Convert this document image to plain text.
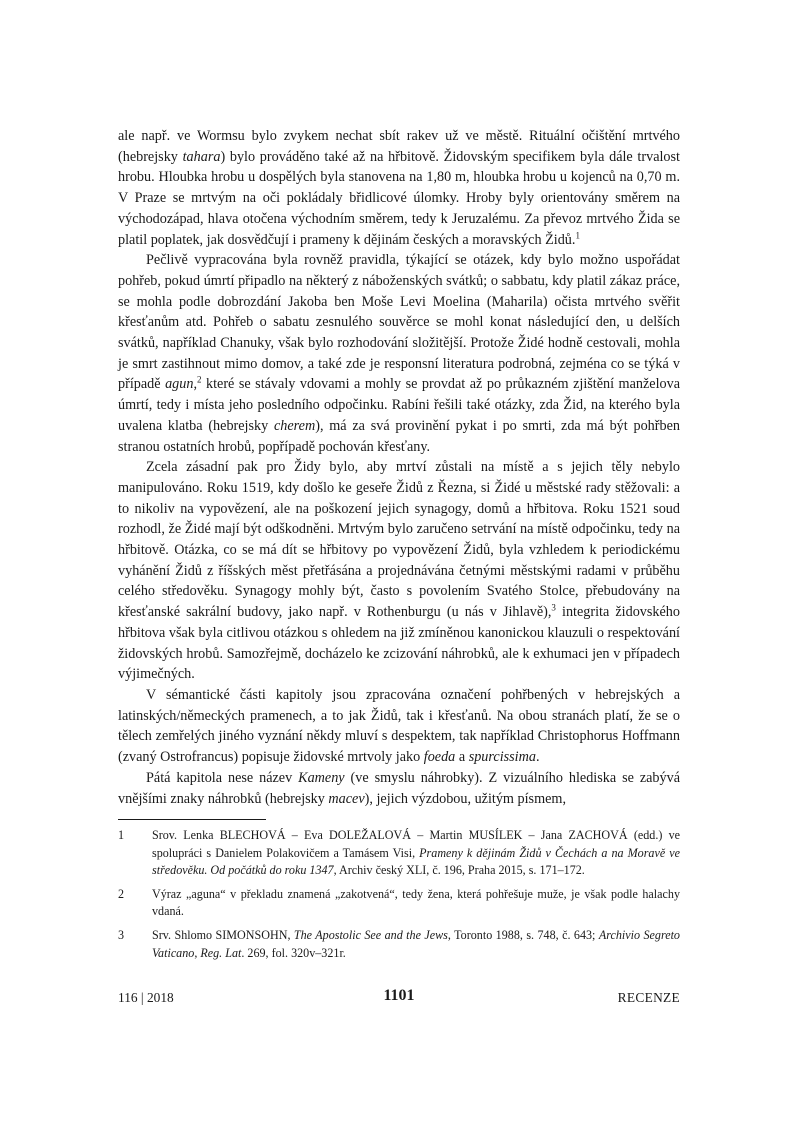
ale např. ve Wormsu bylo zvykem nechat sbít rakev už ve městě. Rituální očištění mrtvého (hebrejsky tahara) bylo prováděno také až na hřbitově. Židovským specifikem byla dále trvalost hrobu. Hloubka hrobu u dospělých byla stanovena na 1,80 m, hloubka hrobu u kojenců na 0,70 m. V Praze se mrtvým na oči pokládaly břidlicové úlomky. Hroby byly orientovány směrem na východozápad, hlava otočena východním směrem, tedy k Jeruzalému. Za převoz mrtvého Žida se platil poplatek, jak dosvědčují i prameny k dějinám českých a moravských Židů.$^1$

Pečlivě vypracována byla rovněž pravidla, týkající se otázek, kdy bylo možno uspořádat pohřeb, pokud úmrtí připadlo na některý z náboženských svátků; o sabbatu, kdy platil zákaz práce, se mohla podle dobrozdání Jakoba ben Moše Levi Moelina (Maharila) očista mrtvého svěřit křesťanům atd. Pohřeb o sabatu zesnulého souvěrce se mohl konat následující den, u delších svátků, například Chanuky, však bylo rozhodování složitější. Protože Židé hodně cestovali, mohla je smrt zastihnout mimo domov, a také zde je responsní literatura podrobná, zejména co se týká v případě agun,$^2$ které se stávaly vdovami a mohly se provdat až po průkazném zjištění manželova úmrtí, tedy i místa jeho posledního odpočinku. Rabíni řešili také otázky, zda Žid, na kterého byla uvalena klatba (hebrejsky cherem), má za svá provinění pykat i po smrti, zda má být pohřben stranou ostatních hrobů, popřípadě pochován křesťany.

Zcela zásadní pak pro Židy bylo, aby mrtví zůstali na místě a s jejich těly nebylo manipulováno. Roku 1519, kdy došlo ke gesеře Židů z Řezna, si Židé u městské rady stěžovali: a to nikoliv na vypovězení, ale na poškození jejich synagogy, domů a hřbitova. Roku 1521 soud rozhodl, že Židé mají být odškodněni. Mrtvým bylo zaručeno setrvání na místě odpočinku, tedy na hřbitově. Otázka, co se má dít se hřbitovy po vypovězení Židů, byla vzhledem k periodickému vyhánění Židů z říšských měst přetřásána a projednávána četnými městskými radami v průběhu celého středověku. Synagogy mohly být, často s povolením Svatého Stolce, přebudovány na křesťanské sakrální budovy, jako např. v Rothenburgu (u nás v Jihlavě),$^3$ integrita židovského hřbitova však byla citlivou otázkou s ohledem na již zmíněnou kanonickou klauzuli o respektování židovských hrobů. Samozřejmě, docházelo ke zcizování náhrobků, ale k exhumaci jen v případech výjimečných.

V sémantické části kapitoly jsou zpracována označení pohřbených v hebrejských a latinských/německých pramenech, a to jak Židů, tak i křesťanů. Na obou stranách platí, že se o tělech zemřelých jiného vyznání někdy mluví s despektem, tak například Christophorus Hoffmann (zvaný Ostrofrancus) popisuje židovské mrtvoly jako foeda a spurcissima.

Pátá kapitola nese název Kameny (ve smyslu náhrobky). Z vizuálního hlediska se zabývá vnějšími znaky náhrobků (hebrejsky macev), jejich výzdobou, užitým písmem,

1	Srov. Lenka BLECHOVÁ – Eva DOLEŽALOVÁ – Martin MUSÍLEK – Jana ZACHOVÁ (edd.) ve spolupráci s Danielem Polakovičem a Tamásem Visi, Prameny k dějinám Židů v Čechách a na Moravě ve středověku. Od počátků do roku 1347, Archiv český XLI, č. 196, Praha 2015, s. 171–172.
2	Výraz „aguna“ v překladu znamená „zakotvená“, tedy žena, která pohřešuje muže, je však podle halachy vdaná.
3	Srv. Shlomo SIMONSOHN, The Apostolic See and the Jews, Toronto 1988, s. 748, č. 643; Archivio Segreto Vaticano, Reg. Lat. 269, fol. 320v–321r.
116 | 2018	1101	RECENZE
